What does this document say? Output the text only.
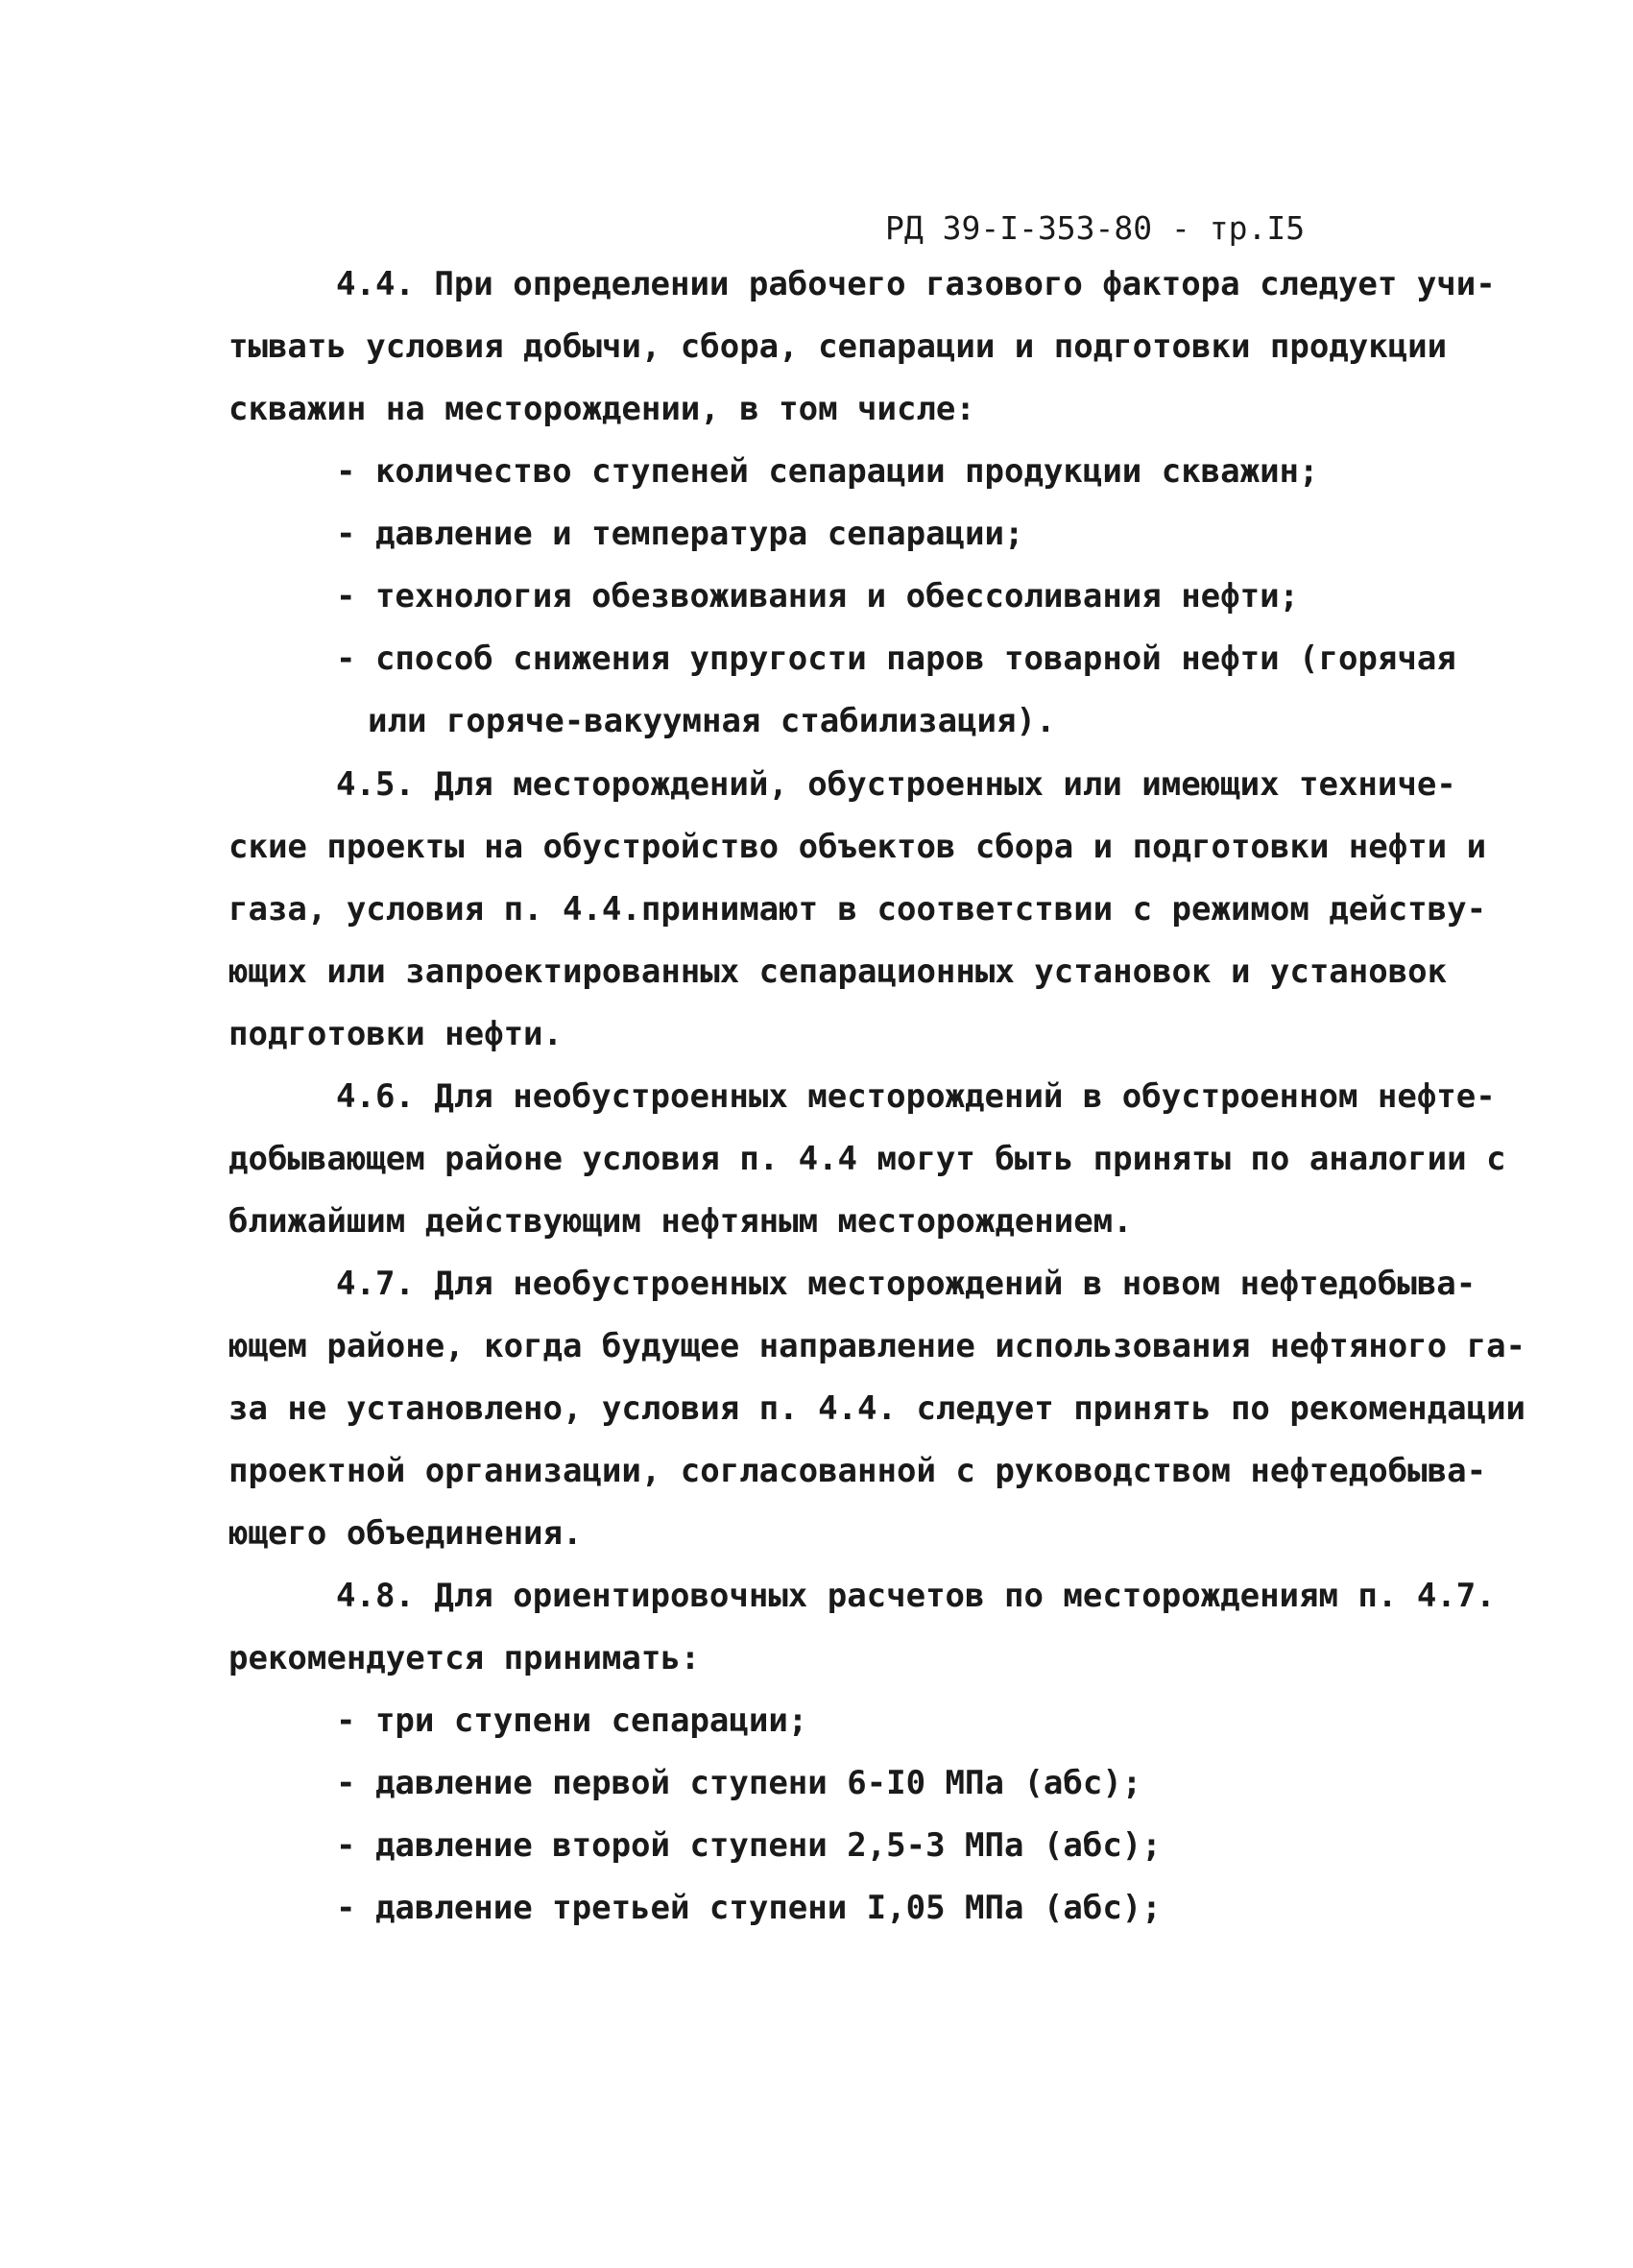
РД 39-I-353-80 - тр.I5
4.4. При определении рабочего газового фактора следует учи-
тывать условия добычи, сбора, сепарации и подготовки продукции
скважин на месторождении, в том числе:
- количество ступеней сепарации продукции скважин;
- давление и температура сепарации;
- технология обезвоживания и обессоливания нефти;
- способ снижения упругости паров товарной нефти (горячая
или горяче-вакуумная стабилизация).
4.5. Для месторождений, обустроенных или имеющих техниче-
ские проекты на обустройство объектов сбора и подготовки нефти и
газа, условия п. 4.4.принимают в соответствии с режимом действу-
ющих или запроектированных сепарационных установок и установок
подготовки нефти.
4.6. Для необустроенных месторождений в обустроенном нефте-
добывающем районе условия п. 4.4 могут быть приняты по аналогии с
ближайшим действующим нефтяным месторождением.
4.7. Для необустроенных месторождений в новом нефтедобыва-
ющем районе, когда будущее направление использования нефтяного га-
за не установлено, условия п. 4.4. следует принять по рекомендации
проектной организации, согласованной с руководством нефтедобыва-
ющего объединения.
4.8. Для ориентировочных расчетов по месторождениям п. 4.7.
рекомендуется принимать:
- три ступени сепарации;
- давление первой ступени 6-I0 МПа (абс);
- давление второй ступени 2,5-3 МПа (абс);
- давление третьей ступени I,05 МПа (абс);
